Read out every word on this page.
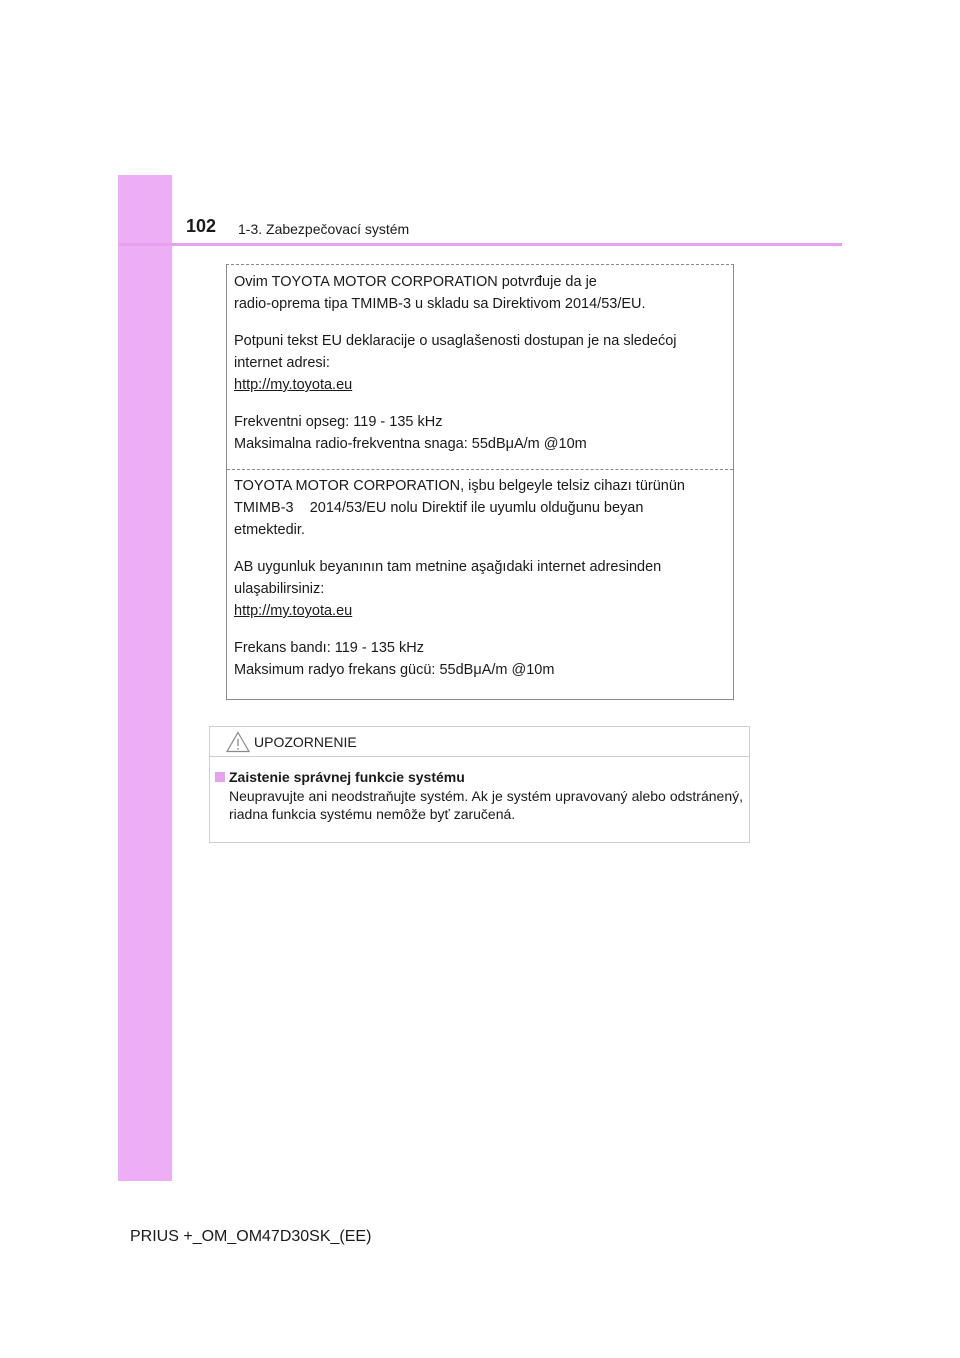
102 1-3. Zabezpečovací systém

Ovim TOYOTA MOTOR CORPORATION potvrđuje da je

radio-oprema tipa TMIMB-3 u skladu sa Direktivom 2014/53/EU.

Potpuni tekst EU deklaracije o usaglašenosti dostupan je na sledećoj

internet adresi:

http://my.toyota.eu

Frekventni opseg: 119 - 135 kHz

Maksimalna radio-frekventna snaga: 55dBμA/m @10m

TOYOTA MOTOR CORPORATION, işbu belgeyle telsiz cihazı türünün

TMIMB-3    2014/53/EU nolu Direktif ile uyumlu olduğunu beyan

etmektedir.

AB uygunluk beyanının tam metnine aşağıdaki internet adresinden

ulaşabilirsiniz:

http://my.toyota.eu

Frekans bandı: 119 - 135 kHz

Maksimum radyo frekans gücü: 55dBμA/m @10m

UPOZORNENIE
Zaistenie správnej funkcie systému

Neupravujte ani neodstraňujte systém. Ak je systém upravovaný alebo odstránený, riadna funkcia systému nemôže byť zaručená.

PRIUS +_OM_OM47D30SK_(EE)
